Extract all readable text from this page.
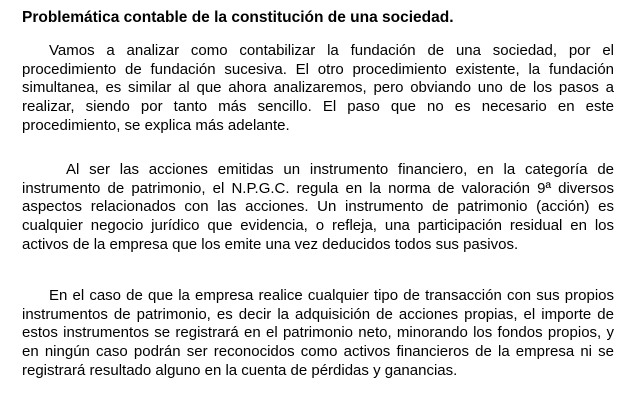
Problemática contable de la constitución de una sociedad.

Vamos a analizar como contabilizar la fundación de una sociedad, por el procedimiento de fundación sucesiva. El otro procedimiento existente, la fundación simultanea, es similar al que ahora analizaremos, pero obviando uno de los pasos a realizar, siendo por tanto más sencillo. El paso que no es necesario en este procedimiento, se explica más adelante.

Al ser las acciones emitidas un instrumento financiero, en la categoría de instrumento de patrimonio, el N.P.G.C. regula en la norma de valoración 9ª diversos aspectos relacionados con las acciones. Un instrumento de patrimonio (acción) es cualquier negocio jurídico que evidencia, o refleja, una participación residual en los activos de la empresa que los emite una vez deducidos todos sus pasivos.

En el caso de que la empresa realice cualquier tipo de transacción con sus propios instrumentos de patrimonio, es decir la adquisición de acciones propias, el importe de estos instrumentos se registrará en el patrimonio neto, minorando los fondos propios, y en ningún caso podrán ser reconocidos como activos financieros de la empresa ni se registrará resultado alguno en la cuenta de pérdidas y ganancias.
